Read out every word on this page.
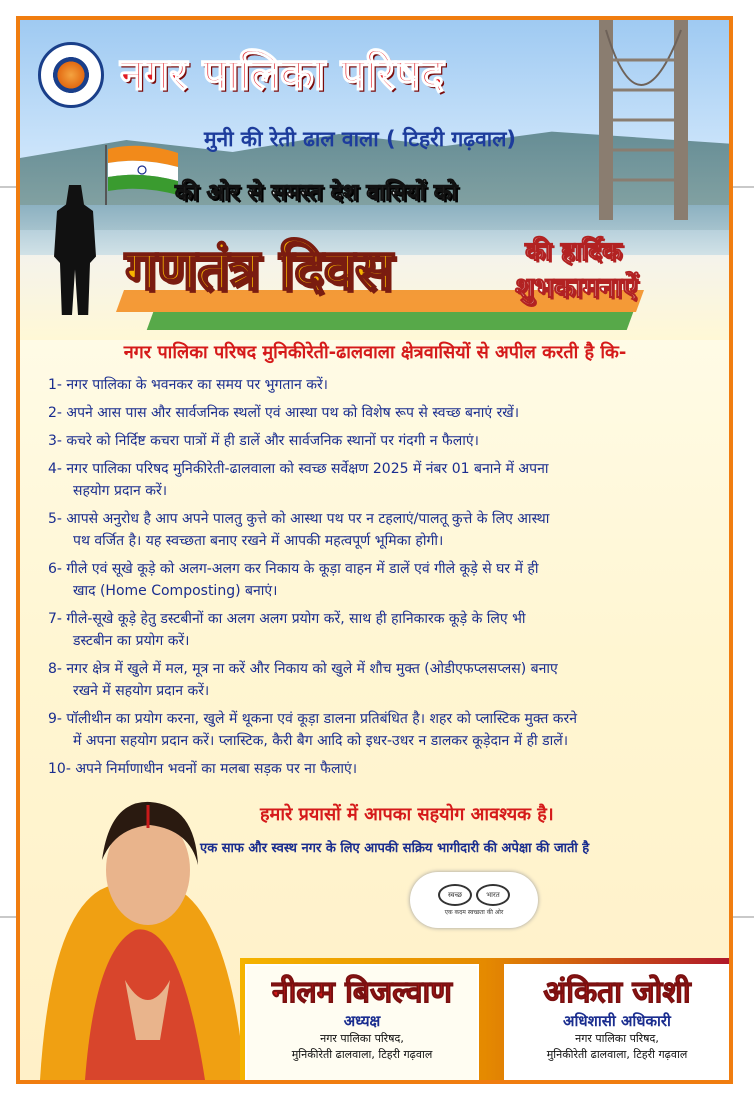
नगर पालिका परिषद
मुनी की रेती ढाल वाला ( टिहरी गढ़वाल)
की ओर से समस्त देश वासियों को
गणतंत्र दिवस	की हार्दिक
शुभकामनाऐं
नगर पालिका परिषद मुनिकीरेती-ढालवाला क्षेत्रवासियों से अपील करती है कि-
1- नगर पालिका के भवनकर का समय पर भुगतान करें।
2- अपने आस पास और सार्वजनिक स्थलों एवं आस्था पथ को विशेष रूप से स्वच्छ बनाएं रखें।
3- कचरे को निर्दिष्ट कचरा पात्रों में ही डालें और सार्वजनिक स्थानों पर गंदगी न फैलाएं।
4- नगर पालिका परिषद मुनिकीरेती-ढालवाला को स्वच्छ सर्वेक्षण 2025 में नंबर 01 बनाने में अपना
सहयोग प्रदान करें।
5- आपसे अनुरोध है आप अपने पालतु कुत्ते को आस्था पथ पर न टहलाएं/पालतू कुत्ते के लिए आस्था
पथ वर्जित है। यह स्वच्छता बनाए रखने में आपकी महत्वपूर्ण भूमिका होगी।
6- गीले एवं सूखे कूड़े को अलग-अलग कर निकाय के कूड़ा वाहन में डालें एवं गीले कूड़े से घर में ही
खाद (Home Composting) बनाएं।
7- गीले-सूखे कूड़े हेतु डस्टबीनों का अलग अलग प्रयोग करें, साथ ही हानिकारक कूड़े के लिए भी
डस्टबीन का प्रयोग करें।
8- नगर क्षेत्र में खुले में मल, मूत्र ना करें और निकाय को खुले में शौच मुक्त (ओडीएफप्लसप्लस) बनाए
रखने में सहयोग प्रदान करें।
9- पॉलीथीन का प्रयोग करना, खुले में थूकना एवं कूड़ा डालना प्रतिबंधित है। शहर को प्लास्टिक मुक्त करने
में अपना सहयोग प्रदान करें। प्लास्टिक, कैरी बैग आदि को इधर-उधर न डालकर कूड़ेदान में ही डालें।
10- अपने निर्माणाधीन भवनों का मलबा सड़क पर ना फैलाएं।
हमारे प्रयासों में आपका सहयोग आवश्यक है।
एक साफ और स्वस्थ नगर के लिए आपकी सक्रिय भागीदारी की अपेक्षा की जाती है
स्वच्छ	भारत
एक कदम स्वच्छता की ओर
नीलम बिजल्वाण
अध्यक्ष
नगर पालिका परिषद,
मुनिकीरेती ढालवाला, टिहरी गढ़वाल
अंकिता जोशी
अधिशासी अधिकारी
नगर पालिका परिषद,
मुनिकीरेती ढालवाला, टिहरी गढ़वाल
